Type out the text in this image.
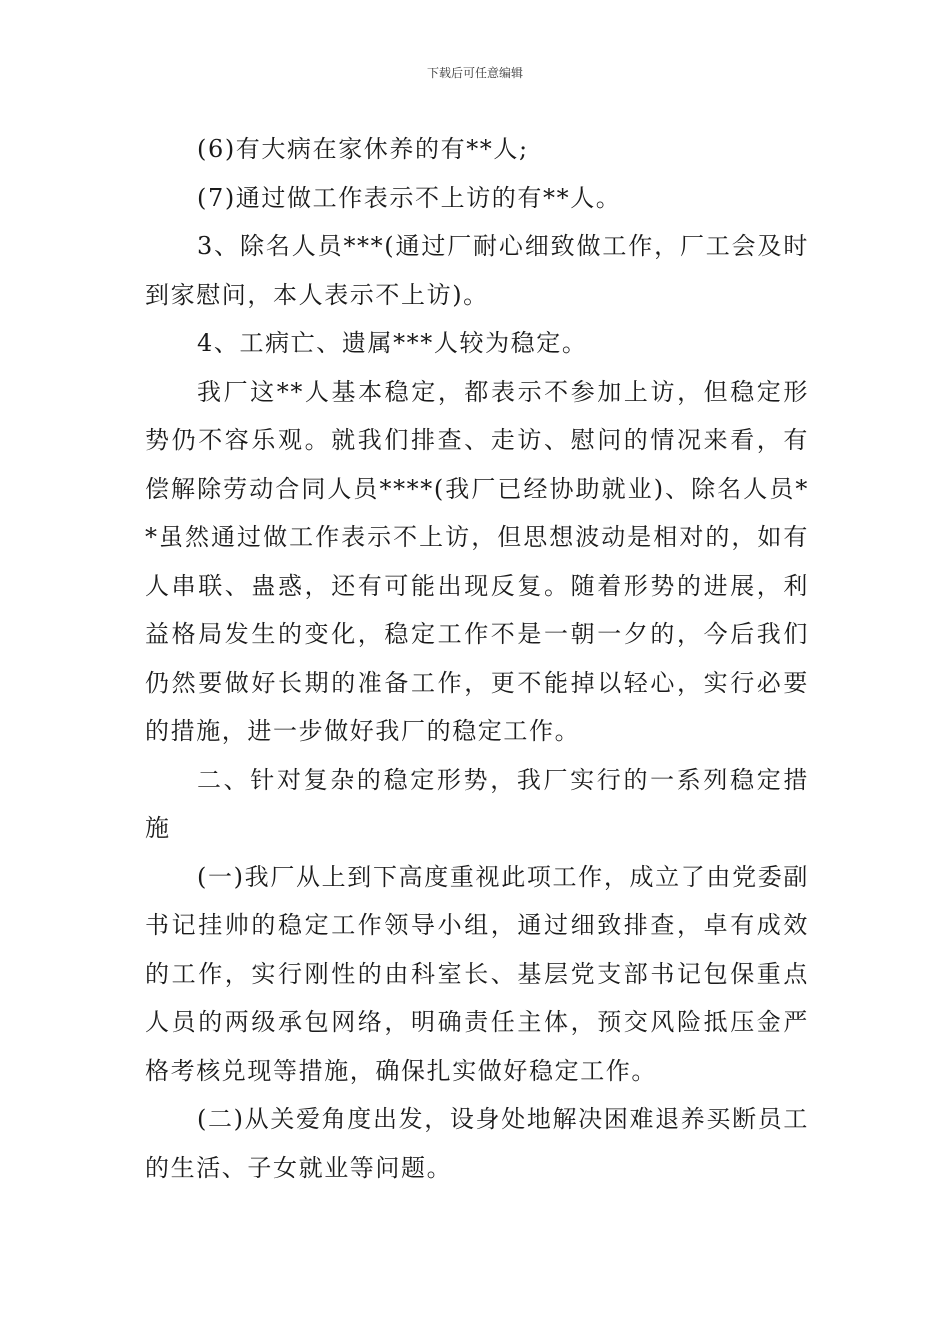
下载后可任意编辑

(6)有大病在家休养的有**人;

(7)通过做工作表示不上访的有**人。

3、除名人员***(通过厂耐心细致做工作，厂工会及时到家慰问，本人表示不上访)。

4、工病亡、遗属***人较为稳定。

我厂这**人基本稳定，都表示不参加上访，但稳定形势仍不容乐观。就我们排查、走访、慰问的情况来看，有偿解除劳动合同人员****(我厂已经协助就业)、除名人员**虽然通过做工作表示不上访，但思想波动是相对的，如有人串联、蛊惑，还有可能出现反复。随着形势的进展，利益格局发生的变化，稳定工作不是一朝一夕的，今后我们仍然要做好长期的准备工作，更不能掉以轻心，实行必要的措施，进一步做好我厂的稳定工作。

二、针对复杂的稳定形势，我厂实行的一系列稳定措施

(一)我厂从上到下高度重视此项工作，成立了由党委副书记挂帅的稳定工作领导小组，通过细致排查，卓有成效的工作，实行刚性的由科室长、基层党支部书记包保重点人员的两级承包网络，明确责任主体，预交风险抵压金严格考核兑现等措施，确保扎实做好稳定工作。

(二)从关爱角度出发，设身处地解决困难退养买断员工的生活、子女就业等问题。
